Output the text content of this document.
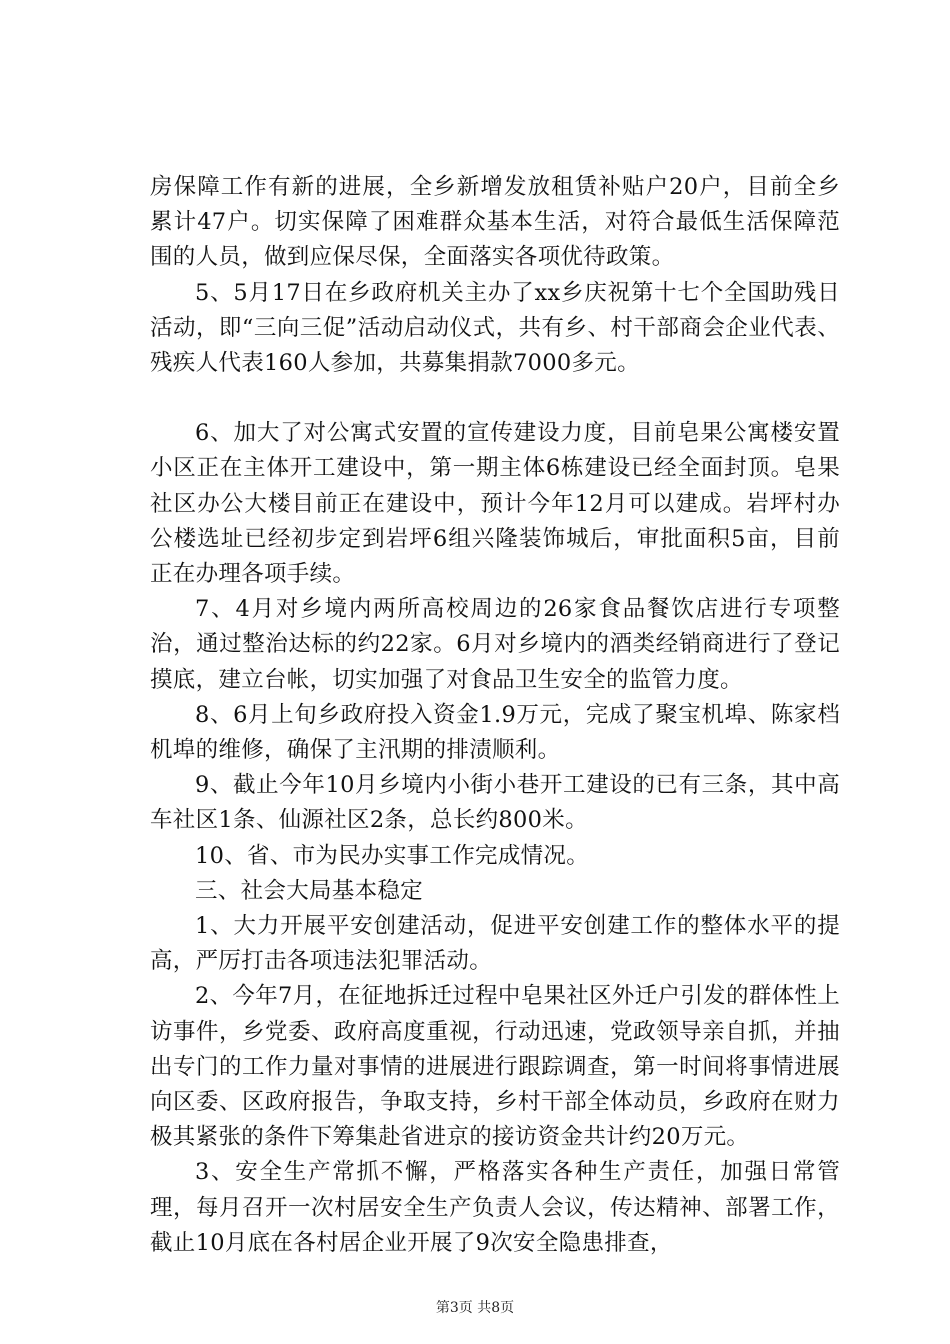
房保障工作有新的进展，全乡新增发放租赁补贴户20户，目前全乡累计47户。切实保障了困难群众基本生活，对符合最低生活保障范围的人员，做到应保尽保，全面落实各项优待政策。

5、5月17日在乡政府机关主办了xx乡庆祝第十七个全国助残日活动，即“三向三促”活动启动仪式，共有乡、村干部商会企业代表、残疾人代表160人参加，共募集捐款7000多元。

6、加大了对公寓式安置的宣传建设力度，目前皂果公寓楼安置小区正在主体开工建设中，第一期主体6栋建设已经全面封顶。皂果社区办公大楼目前正在建设中，预计今年12月可以建成。岩坪村办公楼选址已经初步定到岩坪6组兴隆装饰城后，审批面积5亩，目前正在办理各项手续。

7、4月对乡境内两所高校周边的26家食品餐饮店进行专项整治，通过整治达标的约22家。6月对乡境内的酒类经销商进行了登记摸底，建立台帐，切实加强了对食品卫生安全的监管力度。

8、6月上旬乡政府投入资金1.9万元，完成了聚宝机埠、陈家档机埠的维修，确保了主汛期的排渍顺利。

9、截止今年10月乡境内小街小巷开工建设的已有三条，其中高车社区1条、仙源社区2条，总长约800米。

10、省、市为民办实事工作完成情况。

三、社会大局基本稳定

1、大力开展平安创建活动，促进平安创建工作的整体水平的提高，严厉打击各项违法犯罪活动。

2、今年7月，在征地拆迁过程中皂果社区外迁户引发的群体性上访事件，乡党委、政府高度重视，行动迅速，党政领导亲自抓，并抽出专门的工作力量对事情的进展进行跟踪调查，第一时间将事情进展向区委、区政府报告，争取支持，乡村干部全体动员，乡政府在财力极其紧张的条件下筹集赴省进京的接访资金共计约20万元。

3、安全生产常抓不懈，严格落实各种生产责任，加强日常管理，每月召开一次村居安全生产负责人会议，传达精神、部署工作，截止10月底在各村居企业开展了9次安全隐患排查，

第3页 共8页
